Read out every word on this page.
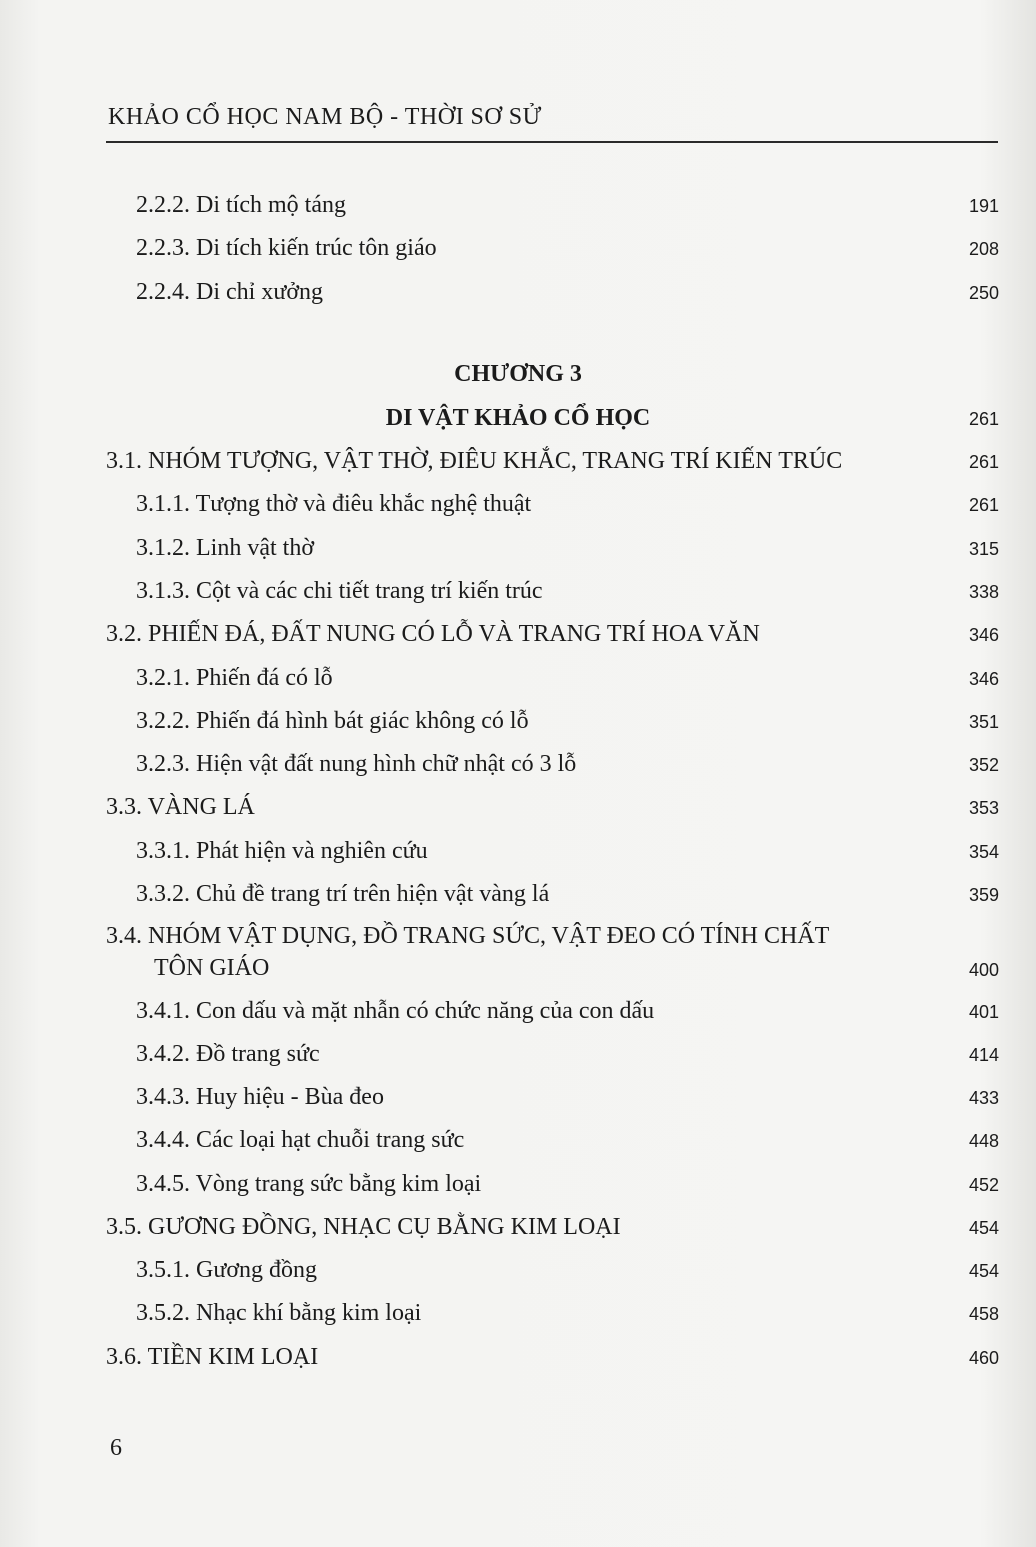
KHẢO CỔ HỌC NAM BỘ - THỜI SƠ SỬ
2.2.2. Di tích mộ táng	191
2.2.3. Di tích kiến trúc tôn giáo	208
2.2.4. Di chỉ xưởng	250
CHƯƠNG 3
DI VẬT KHẢO CỔ HỌC	261
3.1. NHÓM TƯỢNG, VẬT THỜ, ĐIÊU KHẮC, TRANG TRÍ KIẾN TRÚC	261
3.1.1. Tượng thờ và điêu khắc nghệ thuật	261
3.1.2. Linh vật thờ	315
3.1.3. Cột và các chi tiết trang trí kiến trúc	338
3.2. PHIẾN ĐÁ, ĐẤT NUNG CÓ LỖ VÀ TRANG TRÍ HOA VĂN	346
3.2.1. Phiến đá có lỗ	346
3.2.2. Phiến đá hình bát giác không có lỗ	351
3.2.3. Hiện vật đất nung hình chữ nhật có 3 lỗ	352
3.3. VÀNG LÁ	353
3.3.1. Phát hiện và nghiên cứu	354
3.3.2. Chủ đề trang trí trên hiện vật vàng lá	359
3.4. NHÓM VẬT DỤNG, ĐỒ TRANG SỨC, VẬT ĐEO CÓ TÍNH CHẤT
TÔN GIÁO	400
3.4.1. Con dấu và mặt nhẫn có chức năng của con dấu	401
3.4.2. Đồ trang sức	414
3.4.3. Huy hiệu - Bùa đeo	433
3.4.4. Các loại hạt chuỗi trang sức	448
3.4.5. Vòng trang sức bằng kim loại	452
3.5. GƯƠNG ĐỒNG, NHẠC CỤ BẰNG KIM LOẠI	454
3.5.1. Gương đồng	454
3.5.2. Nhạc khí bằng kim loại	458
3.6. TIỀN KIM LOẠI	460
6
